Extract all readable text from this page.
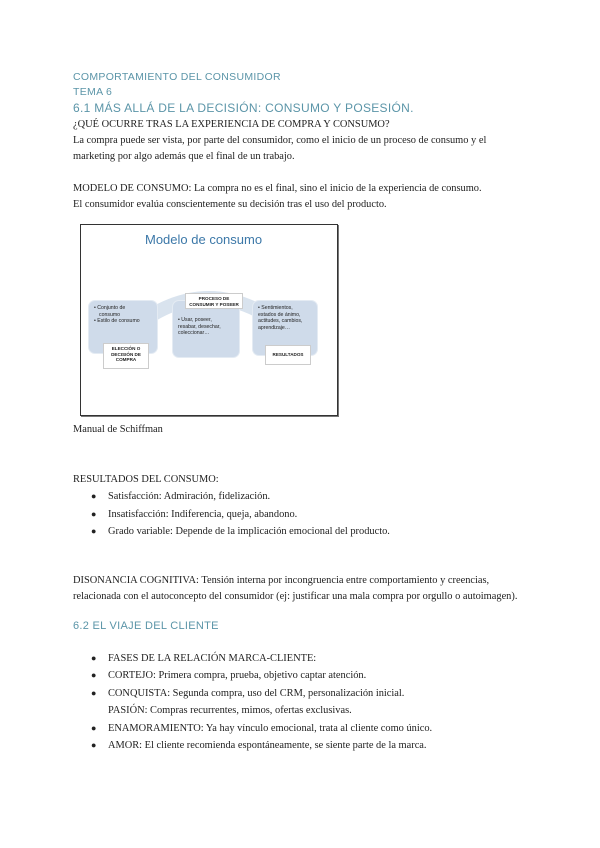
COMPORTAMIENTO DEL CONSUMIDOR
TEMA 6
6.1 MÁS ALLÁ DE LA DECISIÓN: CONSUMO Y POSESIÓN.

¿QUÉ OCURRE TRAS LA EXPERIENCIA DE COMPRA Y CONSUMO?

La compra puede ser vista, por parte del consumidor, como el inicio de un proceso de consumo y el

marketing por algo además que el final de un trabajo.

MODELO DE CONSUMO: La compra no es el final, sino el inicio de la experiencia de consumo.

El consumidor evalúa conscientemente su decisión tras el uso del producto.

Modelo de consumo
• Conjunto de
consumo
• Estilo de consumo
ELECCIÓN O
DECISIÓN DE
COMPRA
• Usar, poseer,
resabar, desechar,
coleccionar…
PROCESO DE
CONSUMIR Y POSEER
• Sentimientos,
estados de ánimo,
actitudes, cambios,
aprendizaje…
RESULTADOS
Manual de Schiffman

RESULTADOS DEL CONSUMO:

● Satisfacción: Admiración, fidelización.
● Insatisfacción: Indiferencia, queja, abandono.
● Grado variable: Depende de la implicación emocional del producto.

DISONANCIA COGNITIVA: Tensión interna por incongruencia entre comportamiento y creencias,

relacionada con el autoconcepto del consumidor (ej: justificar una mala compra por orgullo o autoimagen).

6.2 EL VIAJE DEL CLIENTE
● FASES DE LA RELACIÓN MARCA-CLIENTE:
● CORTEJO: Primera compra, prueba, objetivo captar atención.
● CONQUISTA: Segunda compra, uso del CRM, personalización inicial.
PASIÓN: Compras recurrentes, mimos, ofertas exclusivas.
● ENAMORAMIENTO: Ya hay vínculo emocional, trata al cliente como único.
● AMOR: El cliente recomienda espontáneamente, se siente parte de la marca.
